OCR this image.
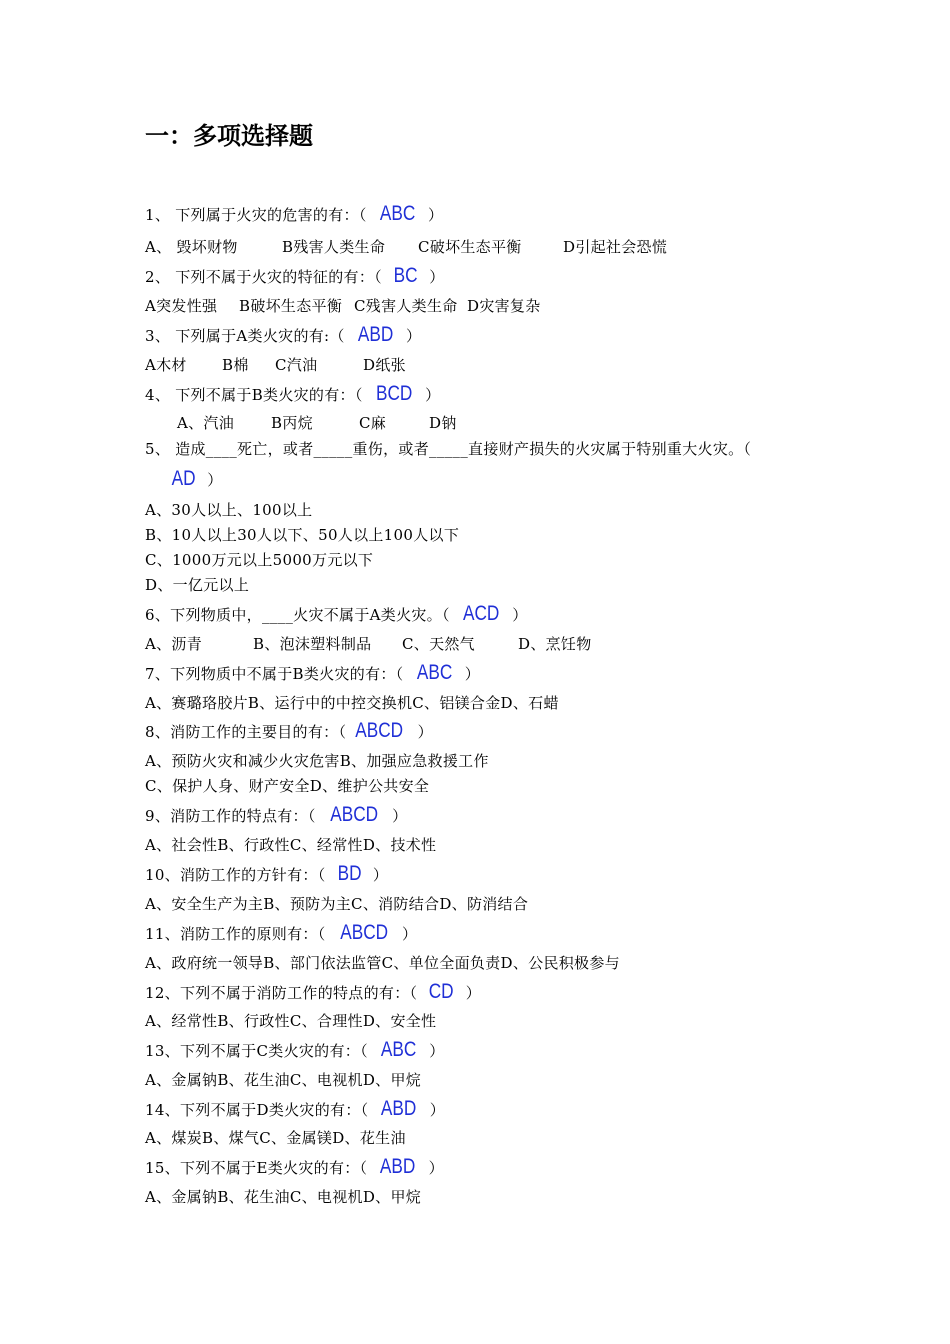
一：多项选择题
1、 下列属于火灾的危害的有：（ ABC ）
A、 毁坏财物	B残害人类生命 C破坏生态平衡	D引起社会恐慌
2、 下列不属于火灾的特征的有：（ BC ）
A突发性强 B破坏生态平衡 C残害人类生命 D灾害复杂
3、 下列属于A类火灾的有:（ ABD ）
A木材 B棉 C汽油	D纸张
4、 下列不属于B类火灾的有：（ BCD ）
A、汽油 B丙烷	C麻	D钠
5、 造成____死亡，或者_____重伤，或者_____直接财产损失的火灾属于特别重大火灾。（
AD ）
A、30人以上、100以上
B、10人以上30人以下、50人以上100人以下
C、1000万元以上5000万元以下
D、一亿元以上
6、下列物质中，____火灾不属于A类火灾。（ ACD ）
A、沥青	B、泡沫塑料制品 C、天然气	D、烹饪物
7、下列物质中不属于B类火灾的有：（ ABC ）
A、赛璐珞胶片B、运行中的中控交换机C、铝镁合金D、石蜡
8、消防工作的主要目的有：（ ABCD ）
A、预防火灾和减少火灾危害B、加强应急救援工作
C、保护人身、财产安全D、维护公共安全
9、消防工作的特点有：（ ABCD ）
A、社会性B、行政性C、经常性D、技术性
10、消防工作的方针有：（ BD ）
A、安全生产为主B、预防为主C、消防结合D、防消结合
11、消防工作的原则有：（ ABCD ）
A、政府统一领导B、部门依法监管C、单位全面负责D、公民积极参与
12、下列不属于消防工作的特点的有：（ CD ）
A、经常性B、行政性C、合理性D、安全性
13、下列不属于C类火灾的有：（ ABC ）
A、金属钠B、花生油C、电视机D、甲烷
14、下列不属于D类火灾的有：（ ABD ）
A、煤炭B、煤气C、金属镁D、花生油
15、下列不属于E类火灾的有：（ ABD ）
A、金属钠B、花生油C、电视机D、甲烷
